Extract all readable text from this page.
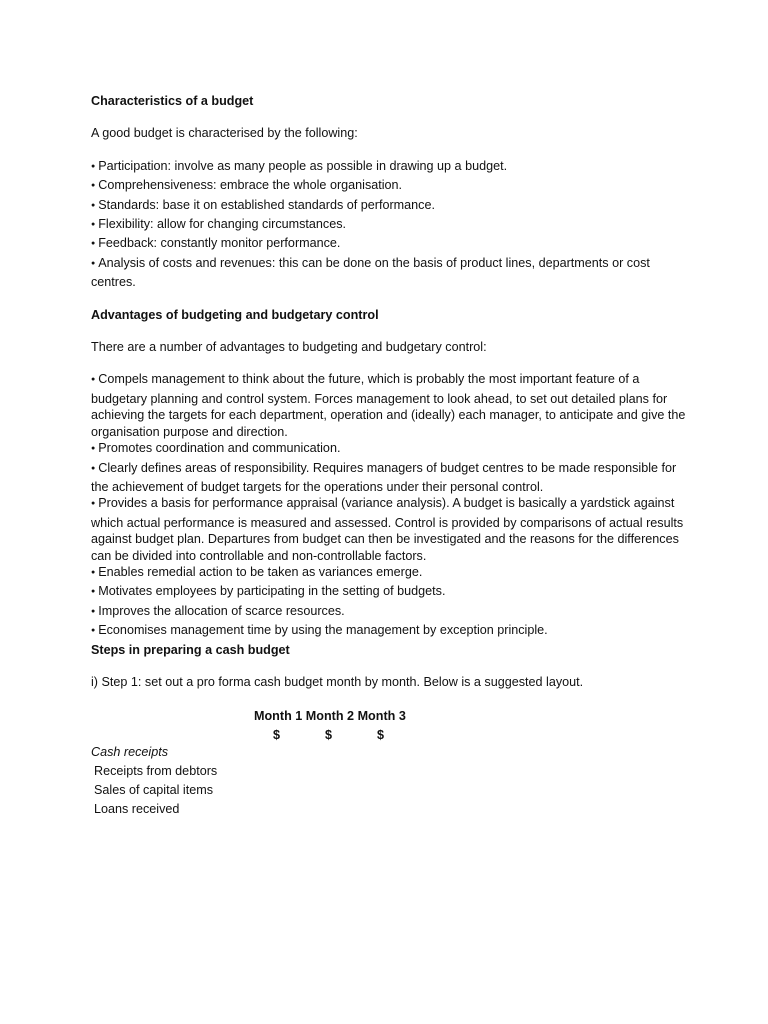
Characteristics of a budget

A good budget is characterised by the following:

● Participation: involve as many people as possible in drawing up a budget.
● Comprehensiveness: embrace the whole organisation.
● Standards: base it on established standards of performance.
● Flexibility: allow for changing circumstances.
● Feedback: constantly monitor performance.
● Analysis of costs and revenues: this can be done on the basis of product lines, departments or cost centres.
Advantages of budgeting and budgetary control

There are a number of advantages to budgeting and budgetary control:

● Compels management to think about the future, which is probably the most important feature of a budgetary planning and control system. Forces management to look ahead, to set out detailed plans for achieving the targets for each department, operation and (ideally) each manager, to anticipate and give the organisation purpose and direction.
● Promotes coordination and communication.
● Clearly defines areas of responsibility. Requires managers of budget centres to be made responsible for the achievement of budget targets for the operations under their personal control.
● Provides a basis for performance appraisal (variance analysis). A budget is basically a yardstick against which actual performance is measured and assessed. Control is provided by comparisons of actual results against budget plan. Departures from budget can then be investigated and the reasons for the differences can be divided into controllable and non-controllable factors.
● Enables remedial action to be taken as variances emerge.
● Motivates employees by participating in the setting of budgets.
● Improves the allocation of scarce resources.
● Economises management time by using the management by exception principle.
Steps in preparing a cash budget

i) Step 1: set out a pro forma cash budget month by month. Below is a suggested layout.

Month 1 Month 2 Month 3
$	$	$
Cash receipts
Receipts from debtors
Sales of capital items
Loans received
